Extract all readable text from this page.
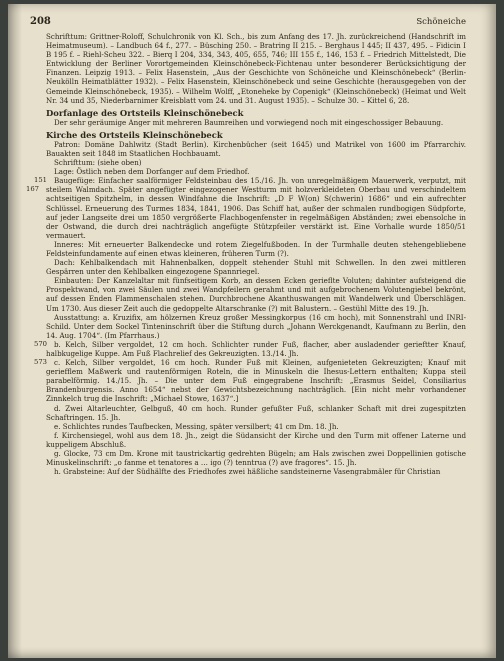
208	Schöneiche

Schrifttum: Grittner-Roloff, Schulchronik von Kl. Sch., bis zum Anfang des 17. Jh. zurückreichend (Handschrift im Heimatmuseum). – Landbuch 64 f., 277. – Büsching 250. – Bratring II 215. – Berghaus I 445; II 437, 495. – Fidicin I B 195 f. – Riehl-Scheu 322. – Bierq I 204, 334, 343, 405, 655, 746; III 155 f., 146, 153 f. – Friedrich Mittelstedt, Die Entwicklung der Berliner Vorortgemeinden Kleinschönebeck-Fichtenau unter besonderer Berücksichtigung der Finanzen. Leipzig 1913. – Felix Hasenstein, „Aus der Geschichte von Schöneiche und Kleinschönebeck“ (Berlin-Neukölln Heimatblätter 1932). – Felix Hasenstein, Kleinschönebeck und seine Geschichte (herausgegeben von der Gemeinde Kleinschönebeck, 1935). – Wilhelm Wolff, „Etoneheke by Copenigk“ (Kleinschönebeck) (Heimat und Welt Nr. 34 und 35, Niederbarnimer Kreisblatt vom 24. und 31. August 1935). – Schulze 30. – Kittel 6, 28.

Dorfanlage des Ortsteils Kleinschönebeck

Der sehr geräumige Anger mit mehreren Baumreihen und vorwiegend noch mit eingeschossiger Bebauung.

Kirche des Ortsteils Kleinschönebeck

Patron: Domäne Dahlwitz (Stadt Berlin). Kirchenbücher (seit 1645) und Matrikel von 1600 im Pfarrarchiv. Bauakten seit 1848 im Staatlichen Hochbauamt.

Schrifttum: (siehe oben)

Lage: Östlich neben dem Dorfanger auf dem Friedhof.

151
167
Baugefüge: Einfacher saalförmiger Feldsteinbau des 15./16. Jh. von unregelmäßigem Mauerwerk, verputzt, mit steilem Walmdach. Später angefügter eingezogener Westturm mit holzverkleideten Oberbau und verschindeltem achtseitigen Spitzhelm, in dessen Windfahne die Inschrift: „D F W(on) S(chwerin) 1686“ und ein aufrechter Schlüssel. Erneuerung des Turmes 1834, 1841, 1906. Das Schiff hat, außer der schmalen rundbogigen Südpforte, auf jeder Langseite drei um 1850 vergrößerte Flachbogenfenster in regelmäßigen Abständen; zwei ebensolche in der Ostwand, die durch drei nachträglich angefügte Stützpfeiler verstärkt ist. Eine Vorhalle wurde 1850/51 vermauert.

Inneres: Mit erneuerter Balkendecke und rotem Ziegelfußboden. In der Turmhalle deuten stehengebliebene Feldsteinfundamente auf einen etwas kleineren, früheren Turm (?).

Dach: Kehlbalkendach mit Hahnenbalken, doppelt stehender Stuhl mit Schwellen. In den zwei mittleren Gespärren unter den Kehlbalken eingezogene Spannriegel.

Einbauten: Der Kanzelaltar mit fünfseitigem Korb, an dessen Ecken gerieflte Voluten; dahinter aufsteigend die Prospektwand, von zwei Säulen und zwei Wandpfeilern gerahmt und mit aufgebrochenem Volutengiebel bekrönt, auf dessen Enden Flammenschalen stehen. Durchbrochene Akanthuswangen mit Wandelwerk und Überschlägen. Um 1730. Aus dieser Zeit auch die gedoppelte Altarschranke (?) mit Balustern. – Gestühl Mitte des 19. Jh.

Ausstattung: a. Kruzifix, am hölzernen Kreuz großer Messingkorpus (16 cm hoch), mit Sonnenstrahl und INRI-Schild. Unter dem Sockel Tinteninschrift über die Stiftung durch „Johann Werckgenandt, Kaufmann zu Berlin, den 14. Aug. 1704“. (Im Pfarrhaus.)

570 b. Kelch, Silber vergoldet, 12 cm hoch. Schlichter runder Fuß, flacher, aber ausladender gerieftter Knauf, halbkugelige Kuppe. Am Fuß Flachrelief des Gekreuzigten. 13./14. Jh.

573 c. Kelch, Silber vergoldet, 16 cm hoch. Runder Fuß mit Kleinen, aufgenieteten Gekreuzigten; Knauf mit geriefflem Maßwerk und rautenförmigen Roteln, die in Minuskeln die Ihesus-Lettern enthalten; Kuppa steil parabelförmig. 14./15. Jh. – Die unter dem Fuß eingegrabene Inschrift: „Erasmus Seidel, Consiliarius Brandenburgensis. Anno 1654“ nebst der Gewichtsbezeichnung nachträglich. [Ein nicht mehr vorhandener Zinnkelch trug die Inschrift: „Michael Stowe, 1637“.]

d. Zwei Altarleuchter, Gelbguß, 40 cm hoch. Runder gefußter Fuß, schlanker Schaft mit drei zugespitzten Schaftringen. 15. Jh.

e. Schlichtes rundes Taufbecken, Messing, später versilbert; 41 cm Dm. 18. Jh.

f. Kirchensiegel, wohl aus dem 18. Jh., zeigt die Südansicht der Kirche und den Turm mit offener Laterne und kuppeligem Abschluß.

g. Glocke, 73 cm Dm. Krone mit taustrickartig gedrehten Bügeln; am Hals zwischen zwei Doppellinien gotische Minuskelinschrift: „o fanme et tenatores a … igo (?) tenntrua (?) ave fragores“. 15. Jh.

h. Grabsteine: Auf der Südhälfte des Friedhofes zwei häßliche sandsteinerne Vasengrabmäler für Christian
